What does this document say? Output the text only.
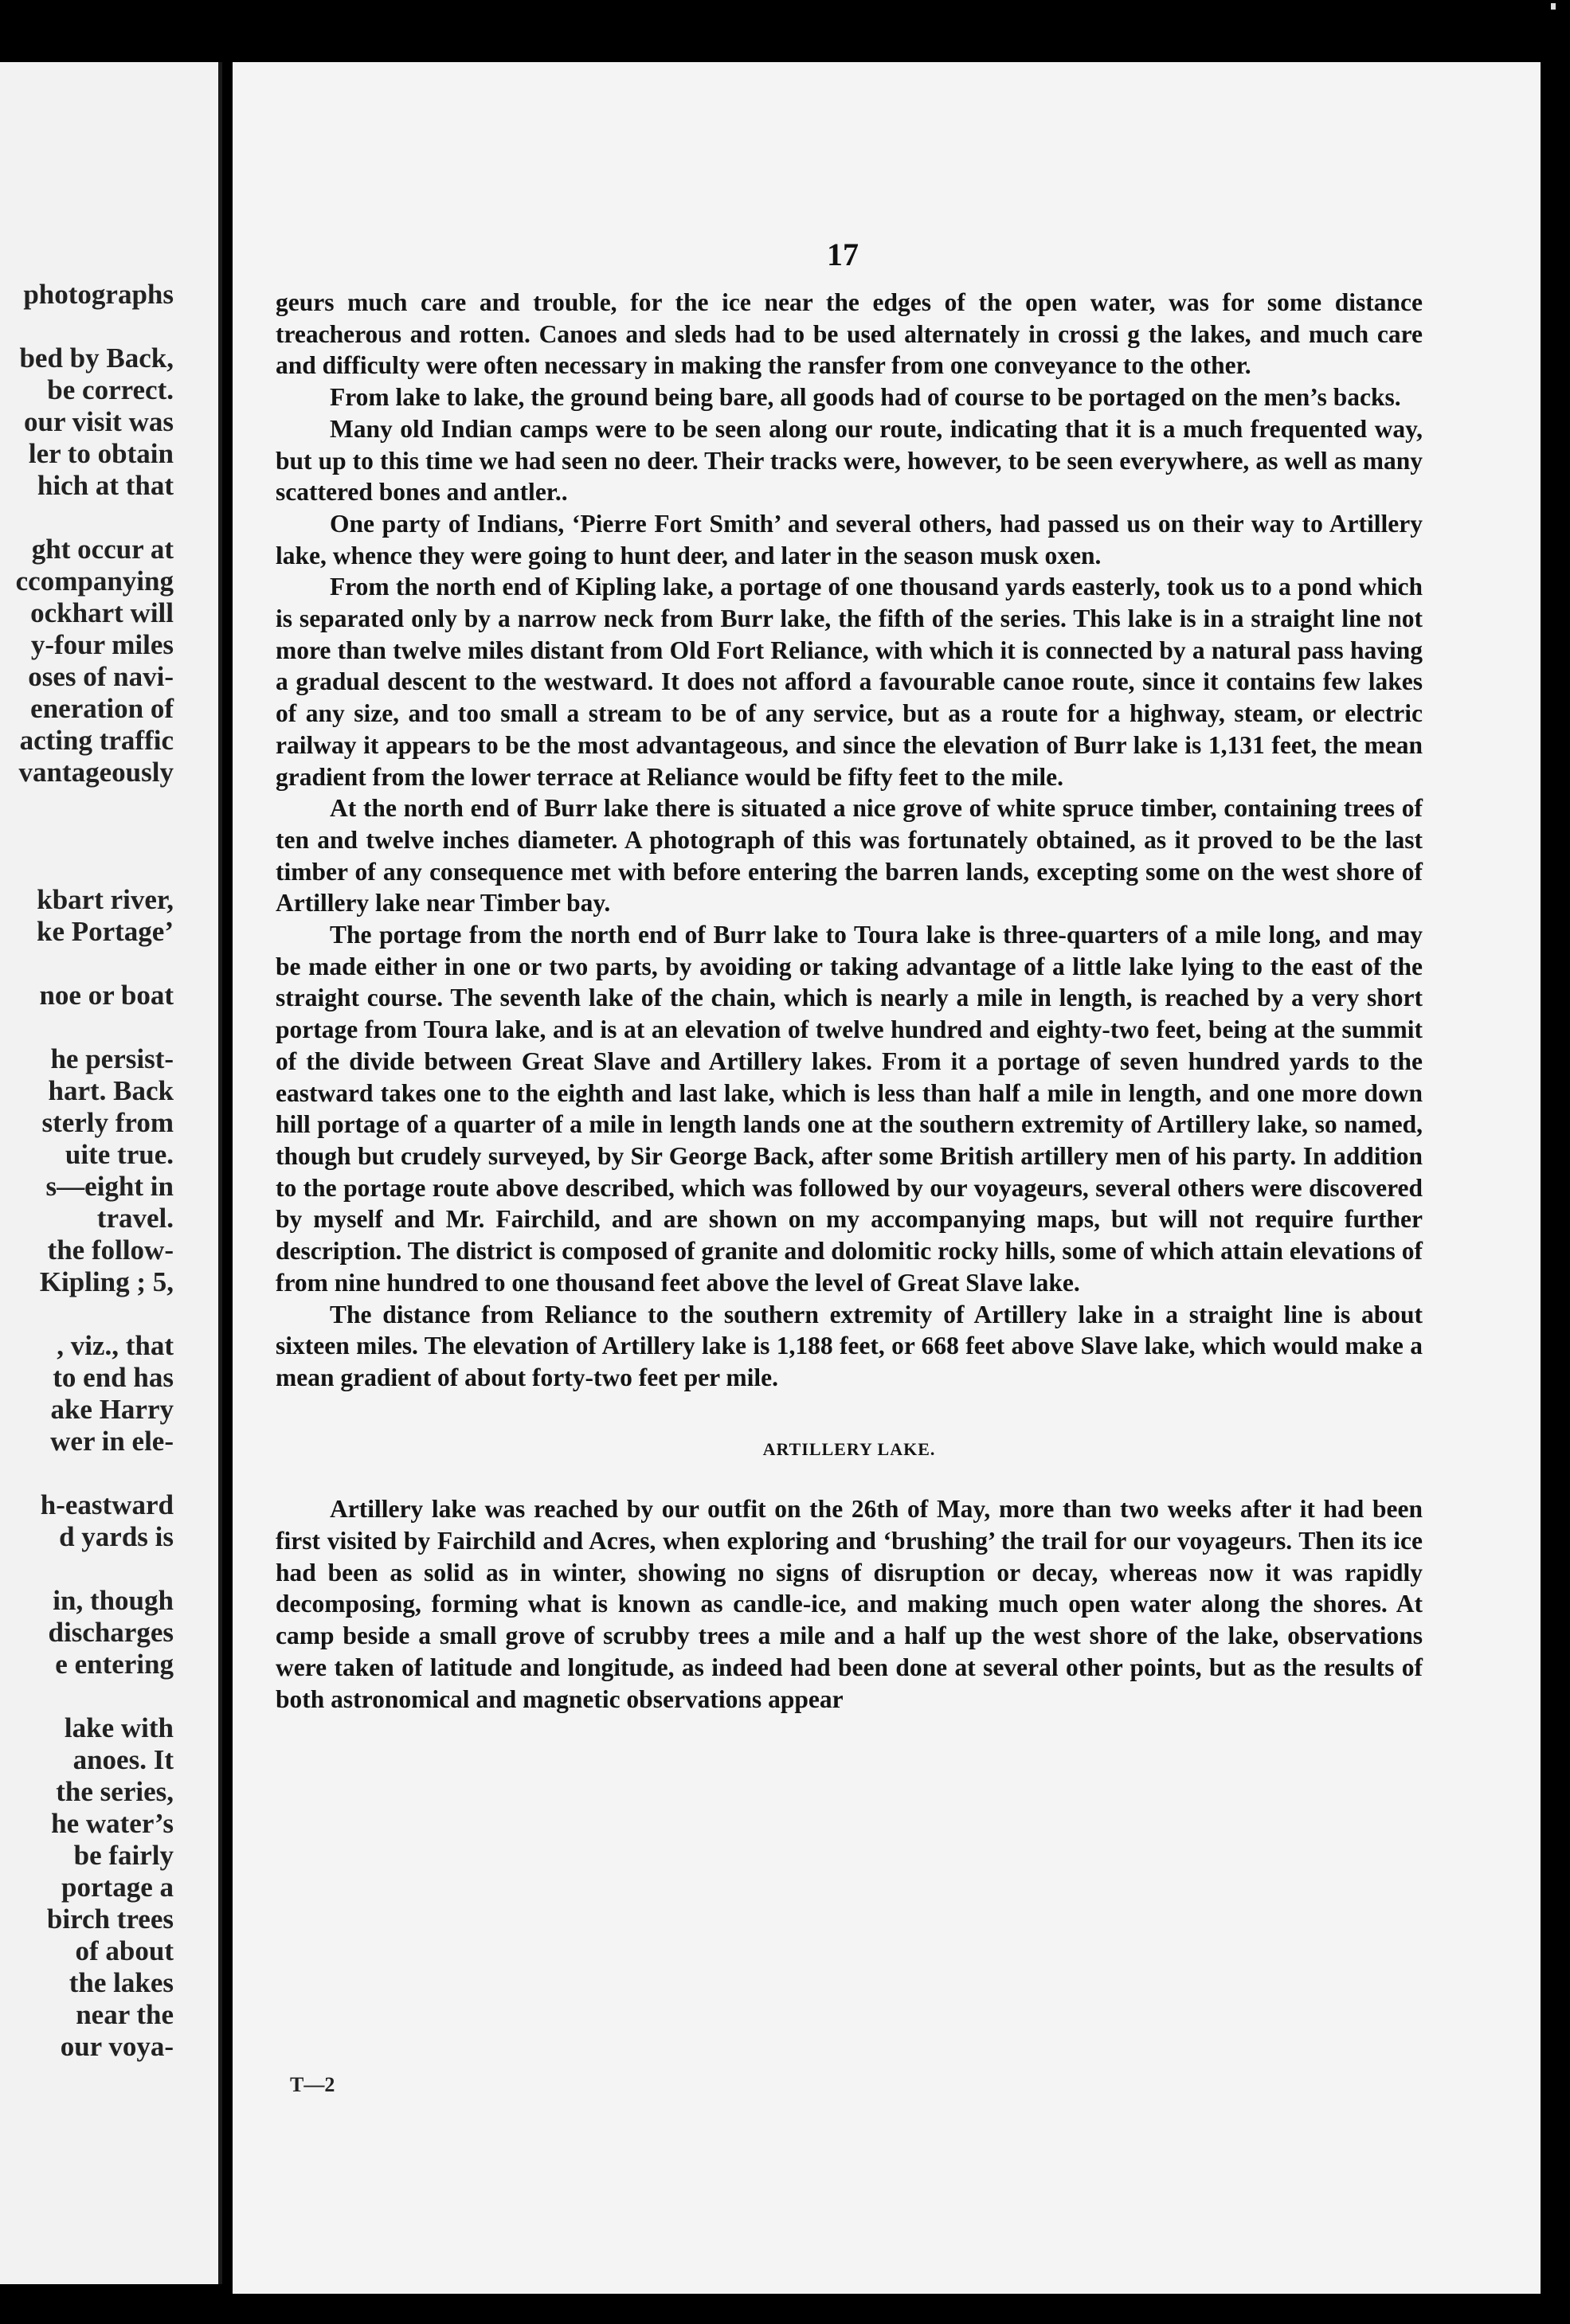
photographs
bed by Back,
be correct.
our visit was
ler to obtain
hich at that
ght occur at
ccompanying
ockhart will
y-four miles
oses of navi-
eneration of
acting traffic
vantageously
kbart river,
ke Portage’
noe or boat
he persist-
hart. Back
sterly from
uite true.
s—eight in
travel.
the follow-
Kipling ; 5,
, viz., that
to end has
ake Harry
wer in ele-
h-eastward
d yards is
in, though
discharges
e entering
lake with
anoes. It
the series,
he water’s
be fairly
portage a
birch trees
of about
the lakes
near the
our voya-
17

geurs much care and trouble, for the ice near the edges of the open water, was for some distance treacherous and rotten. Canoes and sleds had to be used alternately in crossi g the lakes, and much care and difficulty were often necessary in making the ransfer from one conveyance to the other.

From lake to lake, the ground being bare, all goods had of course to be portaged on the men’s backs.

Many old Indian camps were to be seen along our route, indicating that it is a much frequented way, but up to this time we had seen no deer. Their tracks were, however, to be seen everywhere, as well as many scattered bones and antler..

One party of Indians, ‘Pierre Fort Smith’ and several others, had passed us on their way to Artillery lake, whence they were going to hunt deer, and later in the season musk oxen.

From the north end of Kipling lake, a portage of one thousand yards easterly, took us to a pond which is separated only by a narrow neck from Burr lake, the fifth of the series. This lake is in a straight line not more than twelve miles distant from Old Fort Reliance, with which it is connected by a natural pass having a gradual descent to the westward. It does not afford a favourable canoe route, since it contains few lakes of any size, and too small a stream to be of any service, but as a route for a highway, steam, or electric railway it appears to be the most advantageous, and since the elevation of Burr lake is 1,131 feet, the mean gradient from the lower terrace at Reliance would be fifty feet to the mile.

At the north end of Burr lake there is situated a nice grove of white spruce timber, containing trees of ten and twelve inches diameter. A photograph of this was fortunately obtained, as it proved to be the last timber of any consequence met with before entering the barren lands, excepting some on the west shore of Artillery lake near Timber bay.

The portage from the north end of Burr lake to Toura lake is three-quarters of a mile long, and may be made either in one or two parts, by avoiding or taking advantage of a little lake lying to the east of the straight course. The seventh lake of the chain, which is nearly a mile in length, is reached by a very short portage from Toura lake, and is at an elevation of twelve hundred and eighty-two feet, being at the summit of the divide between Great Slave and Artillery lakes. From it a portage of seven hundred yards to the eastward takes one to the eighth and last lake, which is less than half a mile in length, and one more down hill portage of a quarter of a mile in length lands one at the southern extremity of Artillery lake, so named, though but crudely surveyed, by Sir George Back, after some British artillery men of his party. In addition to the portage route above described, which was followed by our voyageurs, several others were discovered by myself and Mr. Fairchild, and are shown on my accompanying maps, but will not require further description. The district is composed of granite and dolomitic rocky hills, some of which attain elevations of from nine hundred to one thousand feet above the level of Great Slave lake.

The distance from Reliance to the southern extremity of Artillery lake in a straight line is about sixteen miles. The elevation of Artillery lake is 1,188 feet, or 668 feet above Slave lake, which would make a mean gradient of about forty-two feet per mile.

ARTILLERY LAKE.

Artillery lake was reached by our outfit on the 26th of May, more than two weeks after it had been first visited by Fairchild and Acres, when exploring and ‘brushing’ the trail for our voyageurs. Then its ice had been as solid as in winter, showing no signs of disruption or decay, whereas now it was rapidly decomposing, forming what is known as candle-ice, and making much open water along the shores. At camp beside a small grove of scrubby trees a mile and a half up the west shore of the lake, observations were taken of latitude and longitude, as indeed had been done at several other points, but as the results of both astronomical and magnetic observations appear

T—2
